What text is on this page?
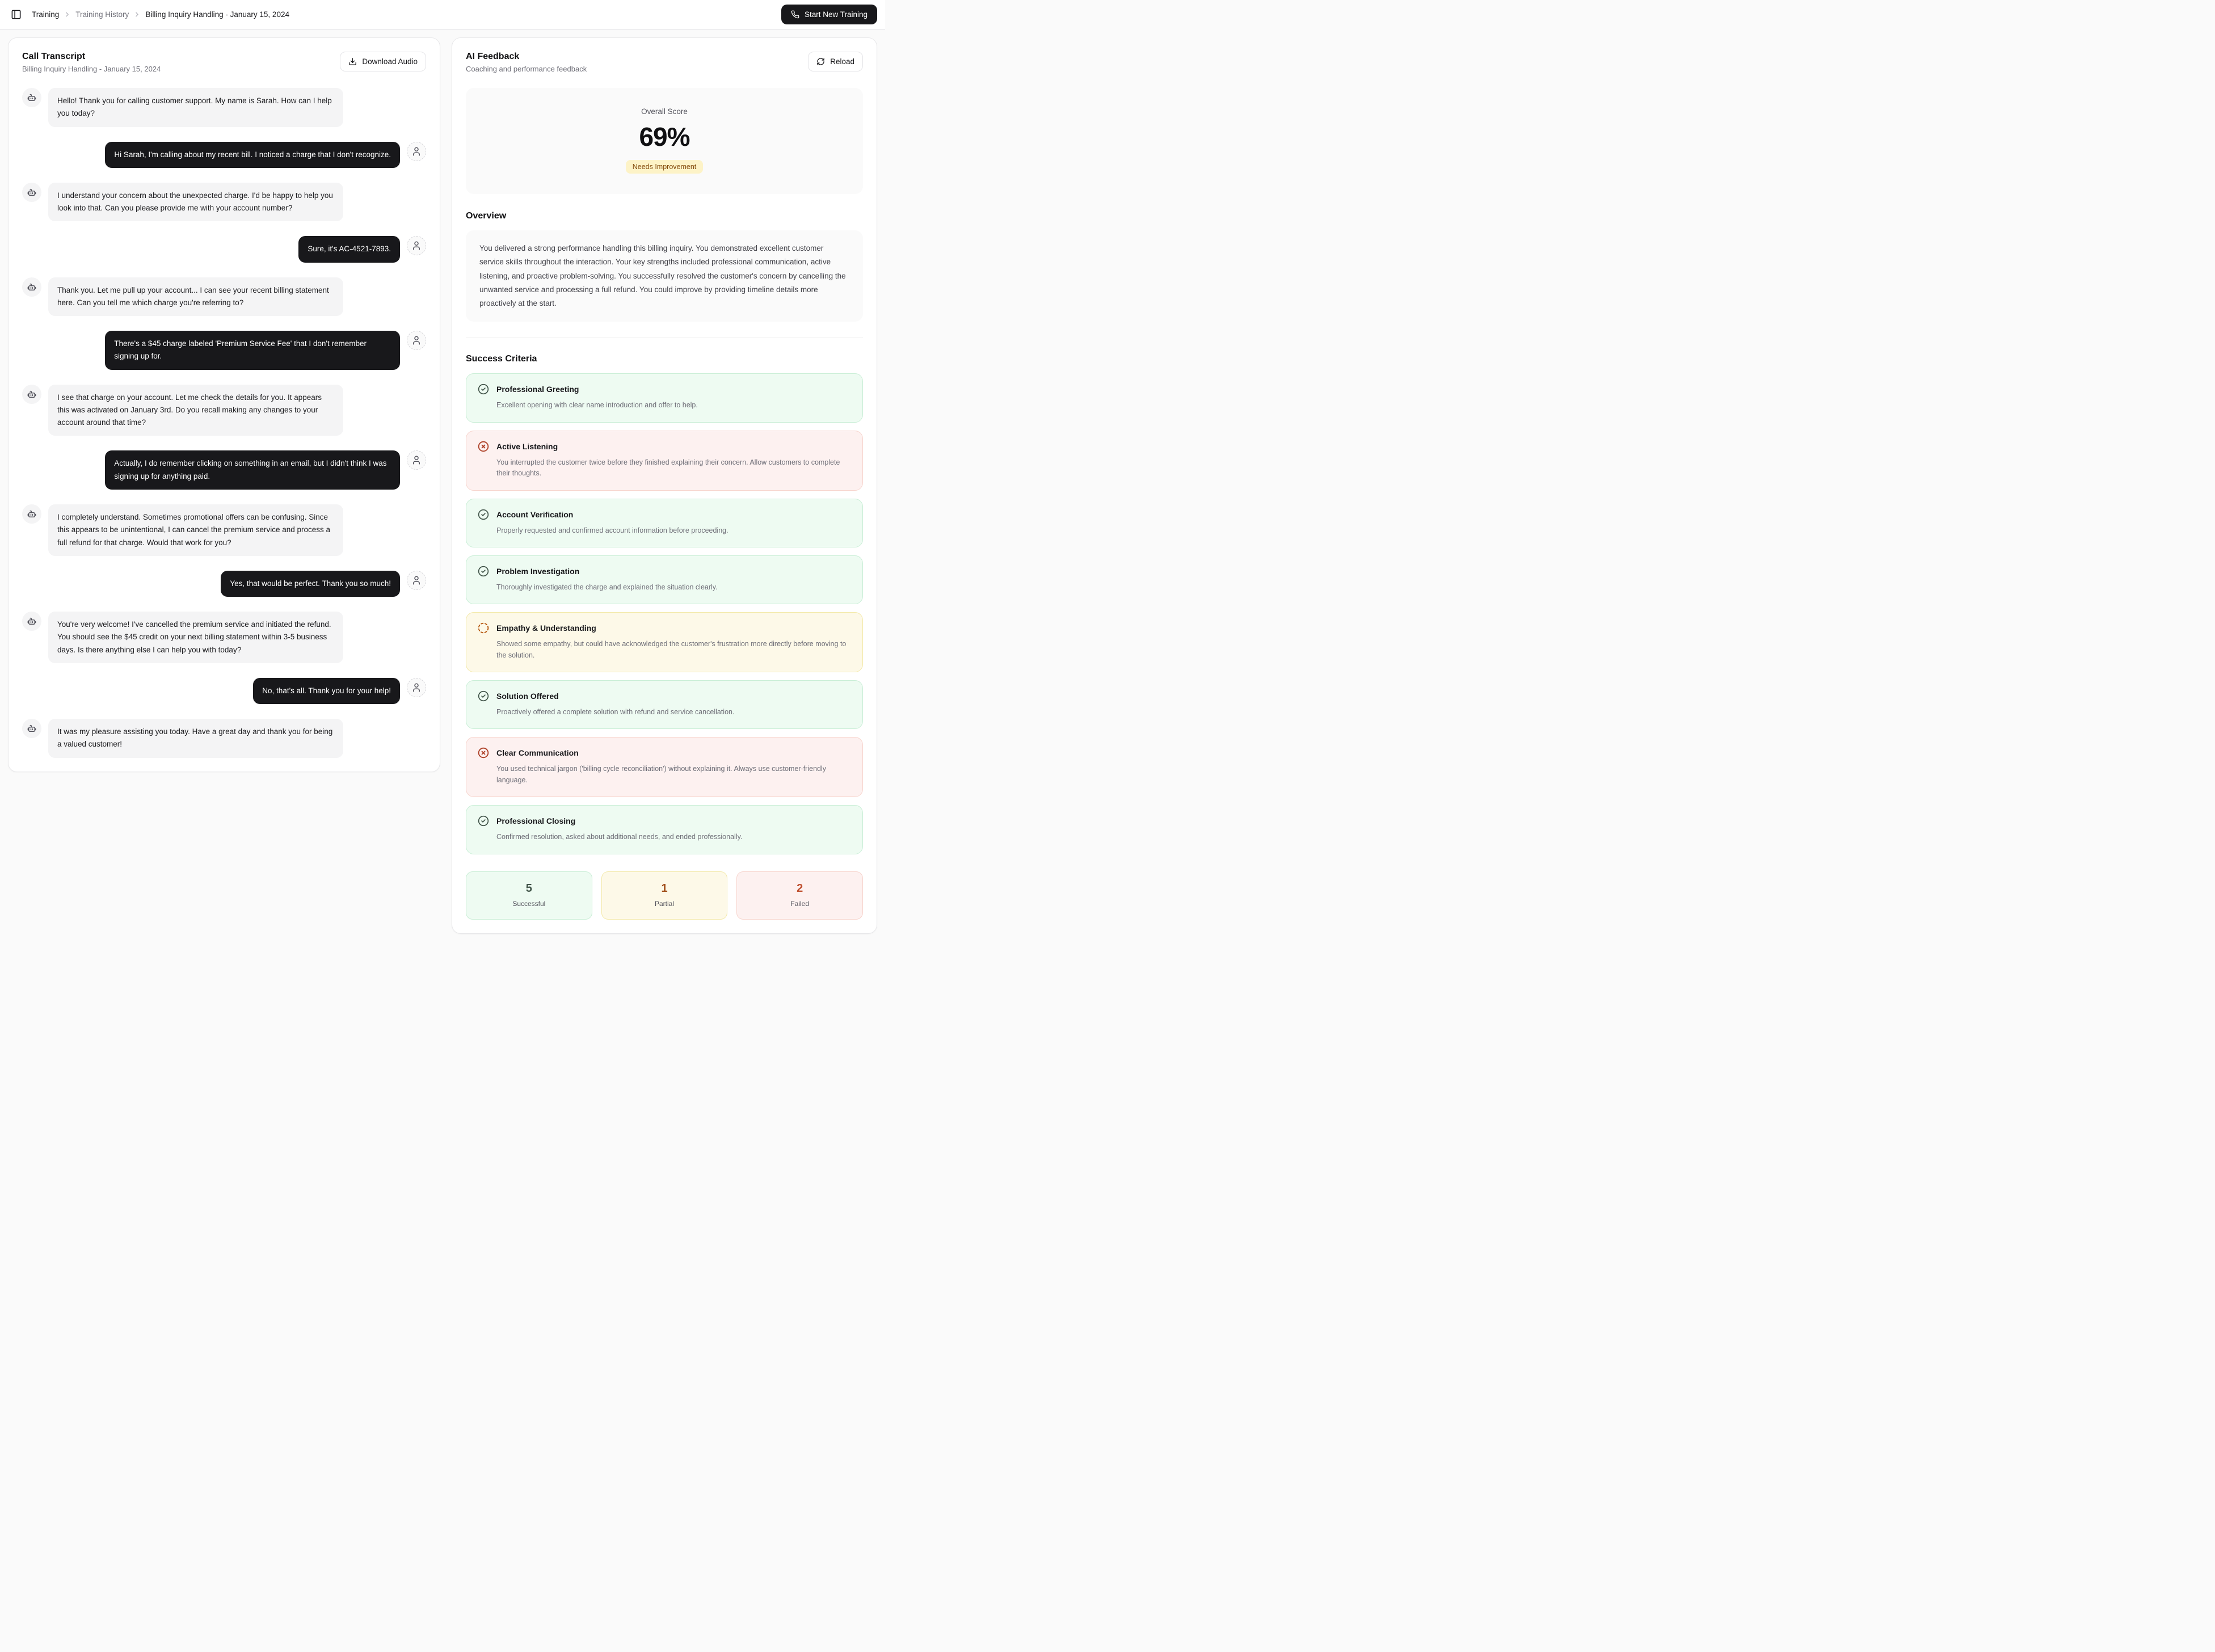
Training Training History Billing Inquiry Handling - January 15, 2024	Start New Training
Call Transcript
Billing Inquiry Handling - January 15, 2024
Download Audio
Hello! Thank you for calling customer support. My name is Sarah. How can I help you today?
Hi Sarah, I'm calling about my recent bill. I noticed a charge that I don't recognize.
I understand your concern about the unexpected charge. I'd be happy to help you look into that. Can you please provide me with your account number?
Sure, it's AC-4521-7893.
Thank you. Let me pull up your account... I can see your recent billing statement here. Can you tell me which charge you're referring to?
There's a $45 charge labeled 'Premium Service Fee' that I don't remember signing up for.
I see that charge on your account. Let me check the details for you. It appears this was activated on January 3rd. Do you recall making any changes to your account around that time?
Actually, I do remember clicking on something in an email, but I didn't think I was signing up for anything paid.
I completely understand. Sometimes promotional offers can be confusing. Since this appears to be unintentional, I can cancel the premium service and process a full refund for that charge. Would that work for you?
Yes, that would be perfect. Thank you so much!
You're very welcome! I've cancelled the premium service and initiated the refund. You should see the $45 credit on your next billing statement within 3-5 business days. Is there anything else I can help you with today?
No, that's all. Thank you for your help!
It was my pleasure assisting you today. Have a great day and thank you for being a valued customer!
AI Feedback
Coaching and performance feedback
Reload
Overall Score
69%
Needs Improvement
Overview
You delivered a strong performance handling this billing inquiry. You demonstrated excellent customer service skills throughout the interaction. Your key strengths included professional communication, active listening, and proactive problem-solving. You successfully resolved the customer's concern by cancelling the unwanted service and processing a full refund. You could improve by providing timeline details more proactively at the start.
Success Criteria
Professional Greeting
Excellent opening with clear name introduction and offer to help.
Active Listening
You interrupted the customer twice before they finished explaining their concern. Allow customers to complete their thoughts.
Account Verification
Properly requested and confirmed account information before proceeding.
Problem Investigation
Thoroughly investigated the charge and explained the situation clearly.
Empathy & Understanding
Showed some empathy, but could have acknowledged the customer's frustration more directly before moving to the solution.
Solution Offered
Proactively offered a complete solution with refund and service cancellation.
Clear Communication
You used technical jargon ('billing cycle reconciliation') without explaining it. Always use customer-friendly language.
Professional Closing
Confirmed resolution, asked about additional needs, and ended professionally.
5
Successful
1
Partial
2
Failed
